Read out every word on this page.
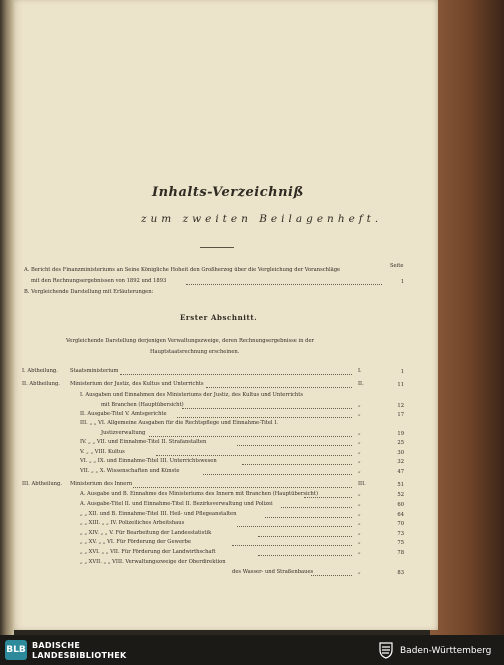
Inhalts-Verzeichniß
zum zweiten Beilagenheft.
Seite
A. Bericht des Finanzministeriums an Seine Königliche Hoheit den Großherzog über die Vergleichung der Voranschläge
mit den Rechnungsergebnissen von 1892 und 1893	1
B. Vergleichende Darstellung mit Erläuterungen:
Erster Abschnitt.
Vergleichende Darstellung derjenigen Verwaltungszweige, deren Rechnungsergebnisse in der
Hauptstaatsrechnung erscheinen.
I. Abtheilung. Staatsministerium	I.	1
II. Abtheilung. Ministerium der Justiz, des Kultus und Unterrichts	II.	11
I. Ausgaben und Einnahmen des Ministeriums der Justiz, des Kultus und Unterrichts
mit Branchen (Hauptübersicht)	„	12
II. Ausgabe-Titel V. Amtsgerichte	„	17
III. „ „ VI. Allgemeine Ausgaben für die Rechtspflege und Einnahme-Titel I.
Justizverwaltung	„	19
IV. „ „ VII. und Einnahme-Titel II. Strafanstalten	„	25
V. „ „ VIII. Kultus	„	30
VI. „ „ IX. und Einnahme-Titel III. Unterrichtswesen	„	32
VII. „ „ X. Wissenschaften und Künste	„	47
III. Abtheilung. Ministerium des Innern	III.	51
A. Ausgabe und B. Einnahme des Ministeriums des Innern mit Branchen (Hauptübersicht)	„	52
A. Ausgabe-Titel II. und Einnahme-Titel II. Bezirksverwaltung und Polizei	„	60
„ „ XII. und B. Einnahme-Titel III. Heil- und Pflegeanstalten	„	64
„ „ XIII. „ „ IV. Polizeiliches Arbeitshaus	„	70
„ „ XIV. „ „ V. Für Bearbeitung der Landesstatistik	„	73
„ „ XV. „ „ VI. Für Förderung der Gewerbe	„	75
„ „ XVI. „ „ VII. Für Förderung der Landwirthschaft	„	78
„ „ XVII. „ „ VIII. Verwaltungszweige der Oberdirektion
des Wasser- und Straßenbaues	„	83
BLB BADISCHE
LANDESBIBLIOTHEK	Baden-Württemberg
